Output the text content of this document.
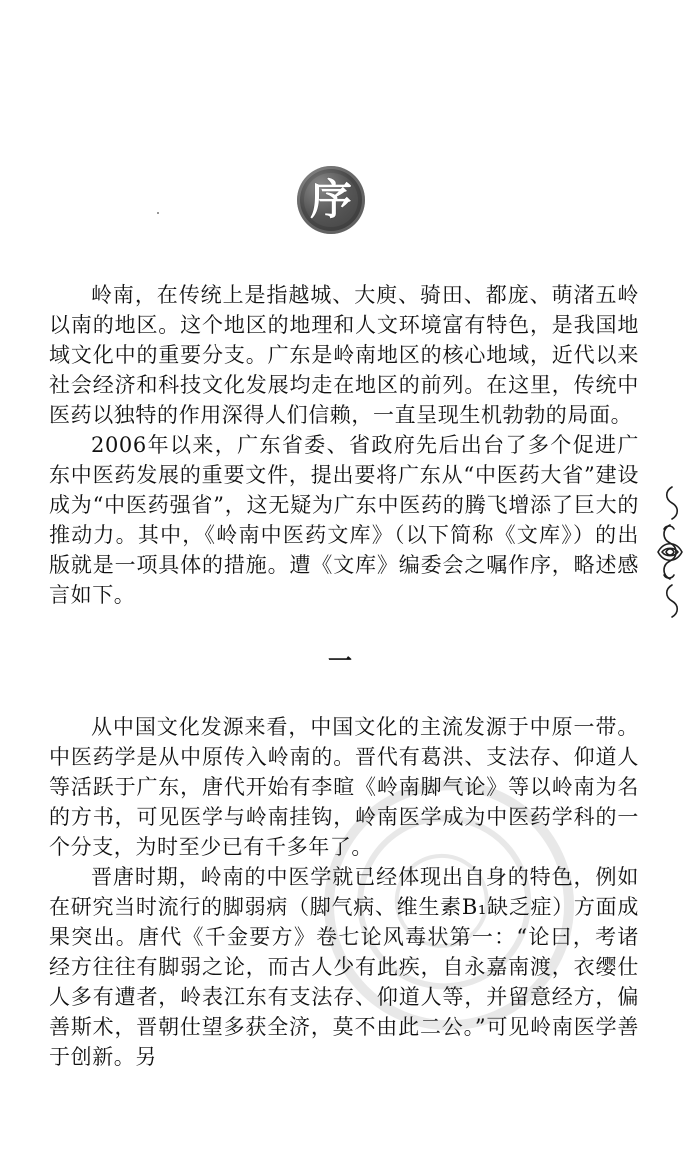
序

岭南，在传统上是指越城、大庾、骑田、都庞、萌渚五岭以南的地区。这个地区的地理和人文环境富有特色，是我国地域文化中的重要分支。广东是岭南地区的核心地域，近代以来社会经济和科技文化发展均走在地区的前列。在这里，传统中医药以独特的作用深得人们信赖，一直呈现生机勃勃的局面。

2006年以来，广东省委、省政府先后出台了多个促进广东中医药发展的重要文件，提出要将广东从“中医药大省”建设成为“中医药强省”，这无疑为广东中医药的腾飞增添了巨大的推动力。其中，《岭南中医药文库》（以下简称《文库》）的出版就是一项具体的措施。遭《文库》编委会之嘱作序，略述感言如下。

一

从中国文化发源来看，中国文化的主流发源于中原一带。中医药学是从中原传入岭南的。晋代有葛洪、支法存、仰道人等活跃于广东，唐代开始有李暄《岭南脚气论》等以岭南为名的方书，可见医学与岭南挂钩，岭南医学成为中医药学科的一个分支，为时至少已有千多年了。

晋唐时期，岭南的中医学就已经体现出自身的特色，例如在研究当时流行的脚弱病（脚气病、维生素B₁缺乏症）方面成果突出。唐代《千金要方》卷七论风毒状第一：“论曰，考诸经方往往有脚弱之论，而古人少有此疾，自永嘉南渡，衣缨仕人多有遭者，岭表江东有支法存、仰道人等，并留意经方，偏善斯术，晋朝仕望多获全济，莫不由此二公。”可见岭南医学善于创新。另
